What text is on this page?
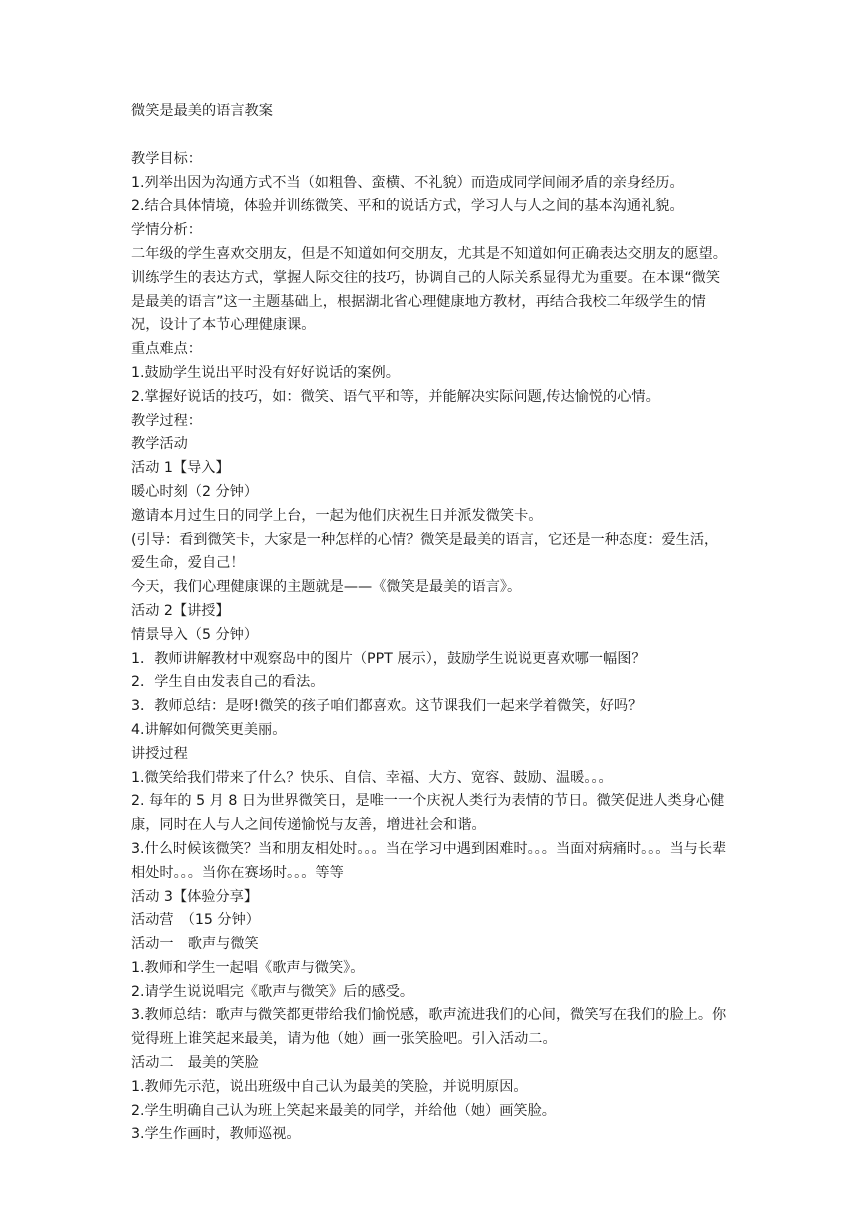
微笑是最美的语言教案
教学目标：
1.列举出因为沟通方式不当（如粗鲁、蛮横、不礼貌）而造成同学间闹矛盾的亲身经历。
2.结合具体情境，体验并训练微笑、平和的说话方式，学习人与人之间的基本沟通礼貌。
学情分析：
二年级的学生喜欢交朋友，但是不知道如何交朋友，尤其是不知道如何正确表达交朋友的愿望。训练学生的表达方式，掌握人际交往的技巧，协调自己的人际关系显得尤为重要。在本课“微笑是最美的语言”这一主题基础上，根据湖北省心理健康地方教材，再结合我校二年级学生的情况，设计了本节心理健康课。
重点难点：
1.鼓励学生说出平时没有好好说话的案例。
2.掌握好说话的技巧，如：微笑、语气平和等，并能解决实际问题,传达愉悦的心情。
教学过程：
教学活动
活动 1【导入】
暖心时刻（2 分钟）
邀请本月过生日的同学上台，一起为他们庆祝生日并派发微笑卡。
(引导：看到微笑卡，大家是一种怎样的心情？微笑是最美的语言，它还是一种态度：爱生活，爱生命，爱自己！
今天，我们心理健康课的主题就是——《微笑是最美的语言》。
活动 2【讲授】
情景导入（5 分钟）
1．教师讲解教材中观察岛中的图片（PPT 展示），鼓励学生说说更喜欢哪一幅图？
2．学生自由发表自己的看法。
3．教师总结：是呀!微笑的孩子咱们都喜欢。这节课我们一起来学着微笑，好吗？
4.讲解如何微笑更美丽。
讲授过程
1.微笑给我们带来了什么？快乐、自信、幸福、大方、宽容、鼓励、温暖。。。
2. 每年的 5 月 8 日为世界微笑日，是唯一一个庆祝人类行为表情的节日。微笑促进人类身心健康，同时在人与人之间传递愉悦与友善，增进社会和谐。
3.什么时候该微笑？当和朋友相处时。。。当在学习中遇到困难时。。。当面对病痛时。。。当与长辈相处时。。。当你在赛场时。。。等等
活动 3【体验分享】
活动营　（15 分钟）
活动一　歌声与微笑
1.教师和学生一起唱《歌声与微笑》。
2.请学生说说唱完《歌声与微笑》后的感受。
3.教师总结：歌声与微笑都更带给我们愉悦感，歌声流进我们的心间，微笑写在我们的脸上。你觉得班上谁笑起来最美，请为他（她）画一张笑脸吧。引入活动二。
活动二　最美的笑脸
1.教师先示范，说出班级中自己认为最美的笑脸，并说明原因。
2.学生明确自己认为班上笑起来最美的同学，并给他（她）画笑脸。
3.学生作画时，教师巡视。
